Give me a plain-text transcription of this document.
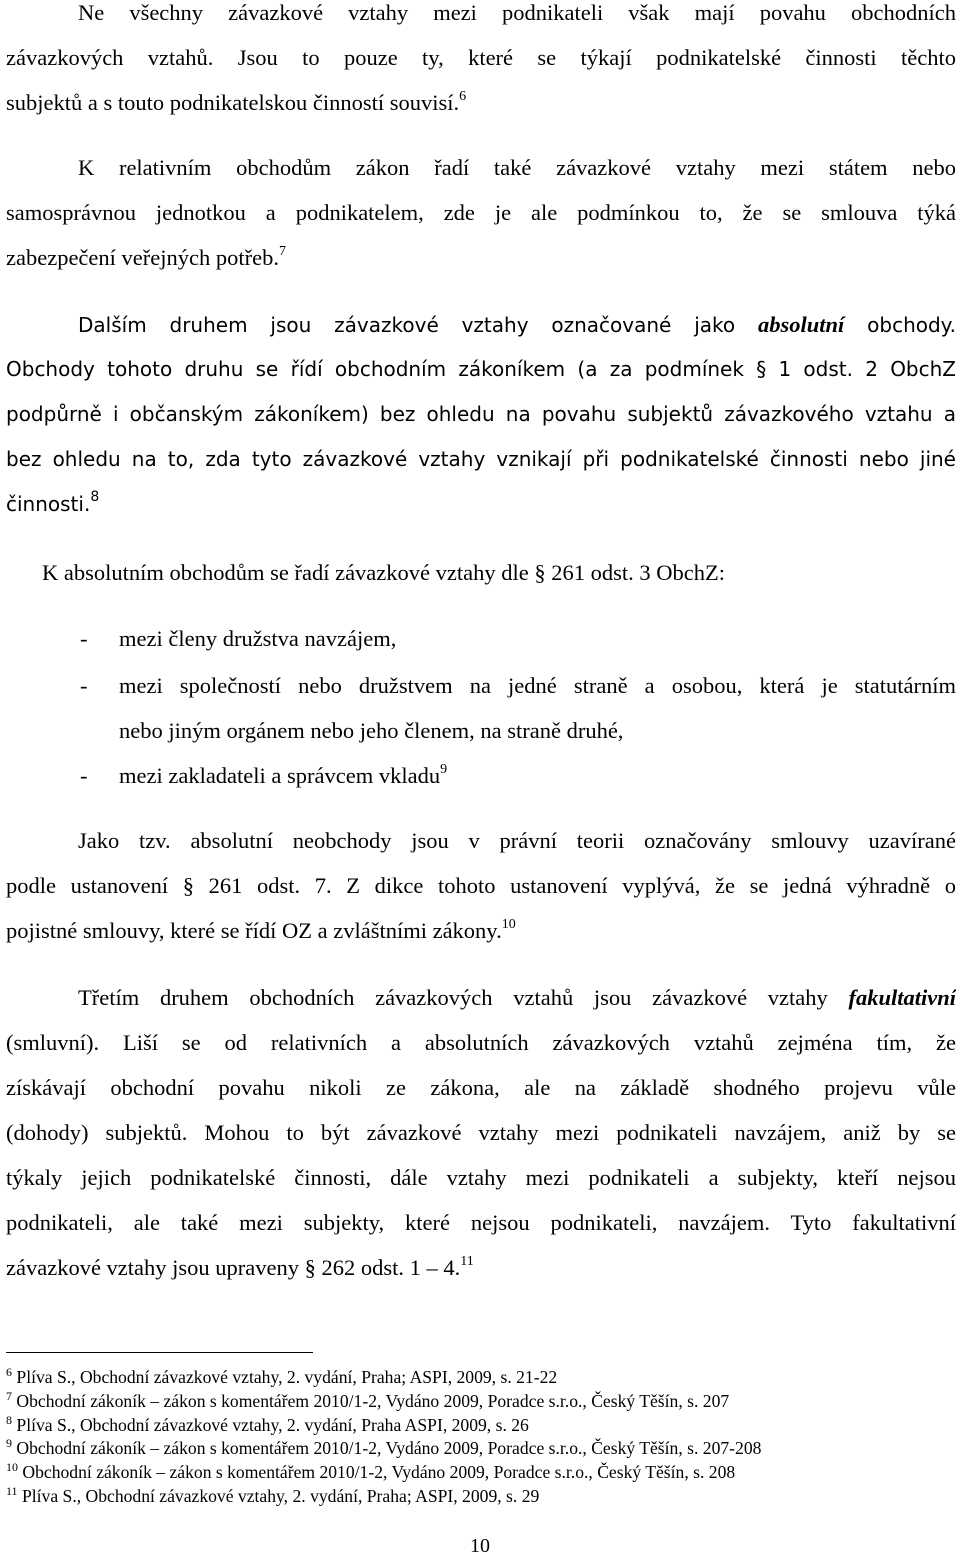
Ne všechny závazkové vztahy mezi podnikateli však mají povahu obchodních
závazkových vztahů. Jsou to pouze ty, které se týkají podnikatelské činnosti těchto
subjektů a s touto podnikatelskou činností souvisí.$^6$
K relativním obchodům zákon řadí také závazkové vztahy mezi státem nebo
samosprávnou jednotkou a podnikatelem, zde je ale podmínkou to, že se smlouva týká
zabezpečení veřejných potřeb.$^7$
Dalším druhem jsou závazkové vztahy označované jako absolutní obchody.
Obchody tohoto druhu se řídí obchodním zákoníkem (a za podmínek § 1 odst. 2 ObchZ
podpůrně i občanským zákoníkem) bez ohledu na povahu subjektů závazkového vztahu a
bez ohledu na to, zda tyto závazkové vztahy vznikají při podnikatelské činnosti nebo jiné
činnosti.$^8$
K absolutním obchodům se řadí závazkové vztahy dle § 261 odst. 3 ObchZ:
- mezi členy družstva navzájem,
- mezi společností nebo družstvem na jedné straně a osobou, která je statutárním
nebo jiným orgánem nebo jeho členem, na straně druhé,
- mezi zakladateli a správcem vkladu$^9$
Jako tzv. absolutní neobchody jsou v právní teorii označovány smlouvy uzavírané
podle ustanovení § 261 odst. 7. Z dikce tohoto ustanovení vyplývá, že se jedná výhradně o
pojistné smlouvy, které se řídí OZ a zvláštními zákony.$^{10}$
Třetím druhem obchodních závazkových vztahů jsou závazkové vztahy fakultativní
(smluvní). Liší se od relativních a absolutních závazkových vztahů zejména tím, že
získávají obchodní povahu nikoli ze zákona, ale na základě shodného projevu vůle
(dohody) subjektů. Mohou to být závazkové vztahy mezi podnikateli navzájem, aniž by se
týkaly jejich podnikatelské činnosti, dále vztahy mezi podnikateli a subjekty, kteří nejsou
podnikateli, ale také mezi subjekty, které nejsou podnikateli, navzájem. Tyto fakultativní
závazkové vztahy jsou upraveny § 262 odst. 1 – 4.11
$^6$ Plíva S., Obchodní závazkové vztahy, 2. vydání, Praha; ASPI, 2009, s. 21-22
$^7$ Obchodní zákoník – zákon s komentářem 2010/1-2, Vydáno 2009, Poradce s.r.o., Český Těšín, s. 207
$^8$ Plíva S., Obchodní závazkové vztahy, 2. vydání, Praha ASPI, 2009, s. 26
$^9$ Obchodní zákoník – zákon s komentářem 2010/1-2, Vydáno 2009, Poradce s.r.o., Český Těšín, s. 207-208
$^{10}$ Obchodní zákoník – zákon s komentářem 2010/1-2, Vydáno 2009, Poradce s.r.o., Český Těšín, s. 208
$^{11}$ Plíva S., Obchodní závazkové vztahy, 2. vydání, Praha; ASPI, 2009, s. 29
10
